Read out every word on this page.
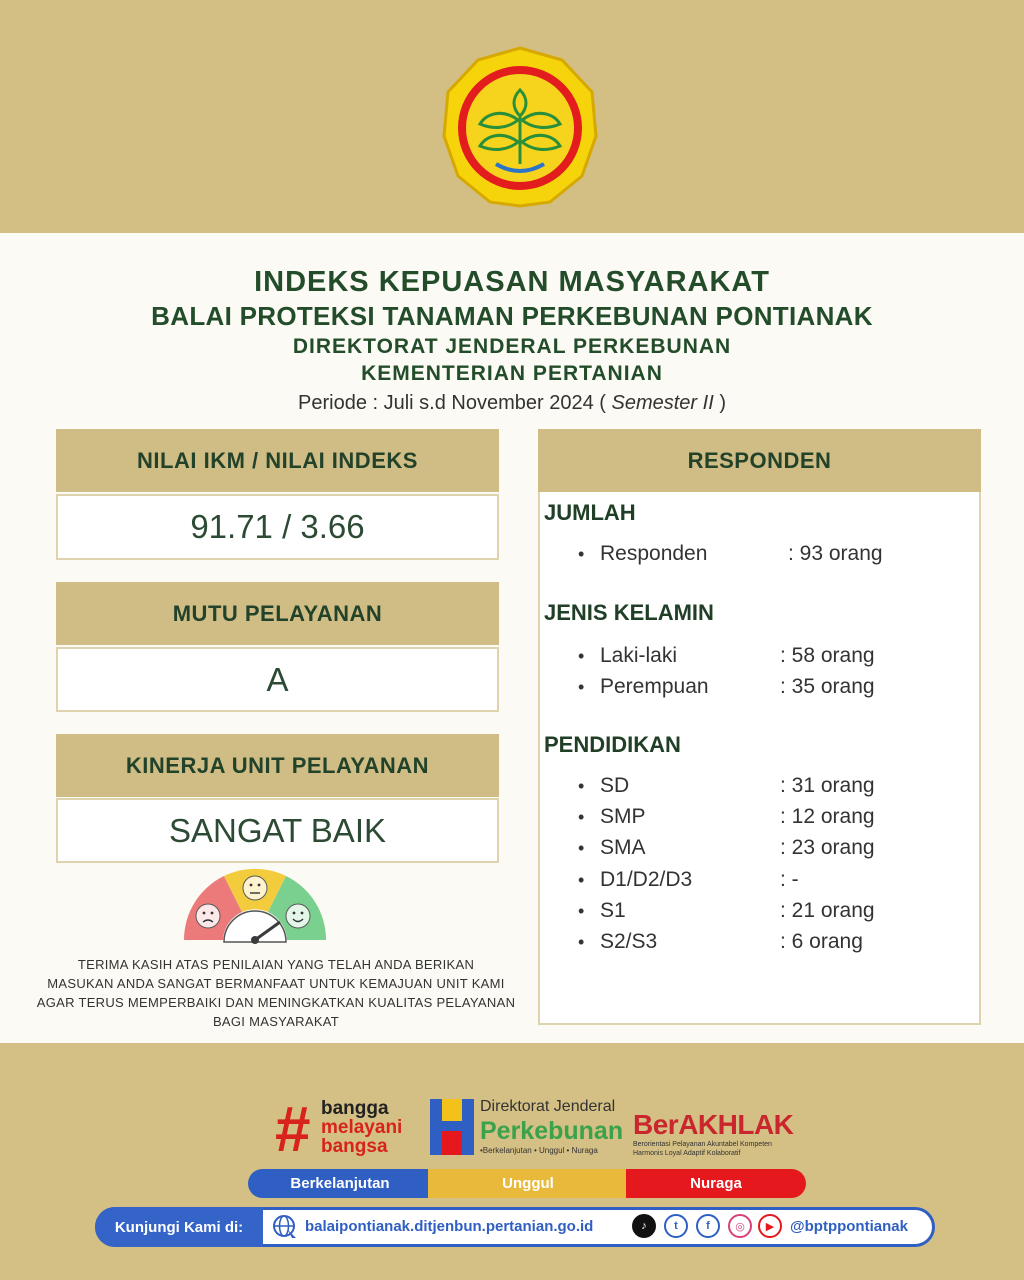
INDEKS KEPUASAN MASYARAKAT
BALAI PROTEKSI TANAMAN PERKEBUNAN PONTIANAK
DIREKTORAT JENDERAL PERKEBUNAN
KEMENTERIAN PERTANIAN
Periode : Juli s.d November 2024 ( Semester II )
NILAI IKM / NILAI INDEKS
91.71 / 3.66
MUTU PELAYANAN
A
KINERJA UNIT PELAYANAN
SANGAT BAIK
RESPONDEN
JUMLAH
• Responden	: 93 orang
JENIS KELAMIN
• Laki-laki	: 58 orang
• Perempuan	: 35 orang
PENDIDIKAN
• SD	: 31 orang
• SMP	: 12 orang
• SMA	: 23 orang
• D1/D2/D3	: -
• S1	: 21 orang
• S2/S3	: 6 orang
TERIMA KASIH ATAS PENILAIAN YANG TELAH ANDA BERIKAN
MASUKAN ANDA SANGAT BERMANFAAT UNTUK KEMAJUAN UNIT KAMI
AGAR TERUS MEMPERBAIKI DAN MENINGKATKAN KUALITAS PELAYANAN
BAGI MASYARAKAT
# bangga
melayani
bangsa
Direktorat Jenderal
Perkebunan
•Berkelanjutan • Unggul • Nuraga
BerAKHLAK
Berorientasi Pelayanan Akuntabel Kompeten
Harmonis Loyal Adaptif Kolaboratif
Berkelanjutan	Unggul	Nuraga
Kunjungi Kami di:	balaipontianak.ditjenbun.pertanian.go.id	♪	t	f	◎	▶	@bptppontianak
